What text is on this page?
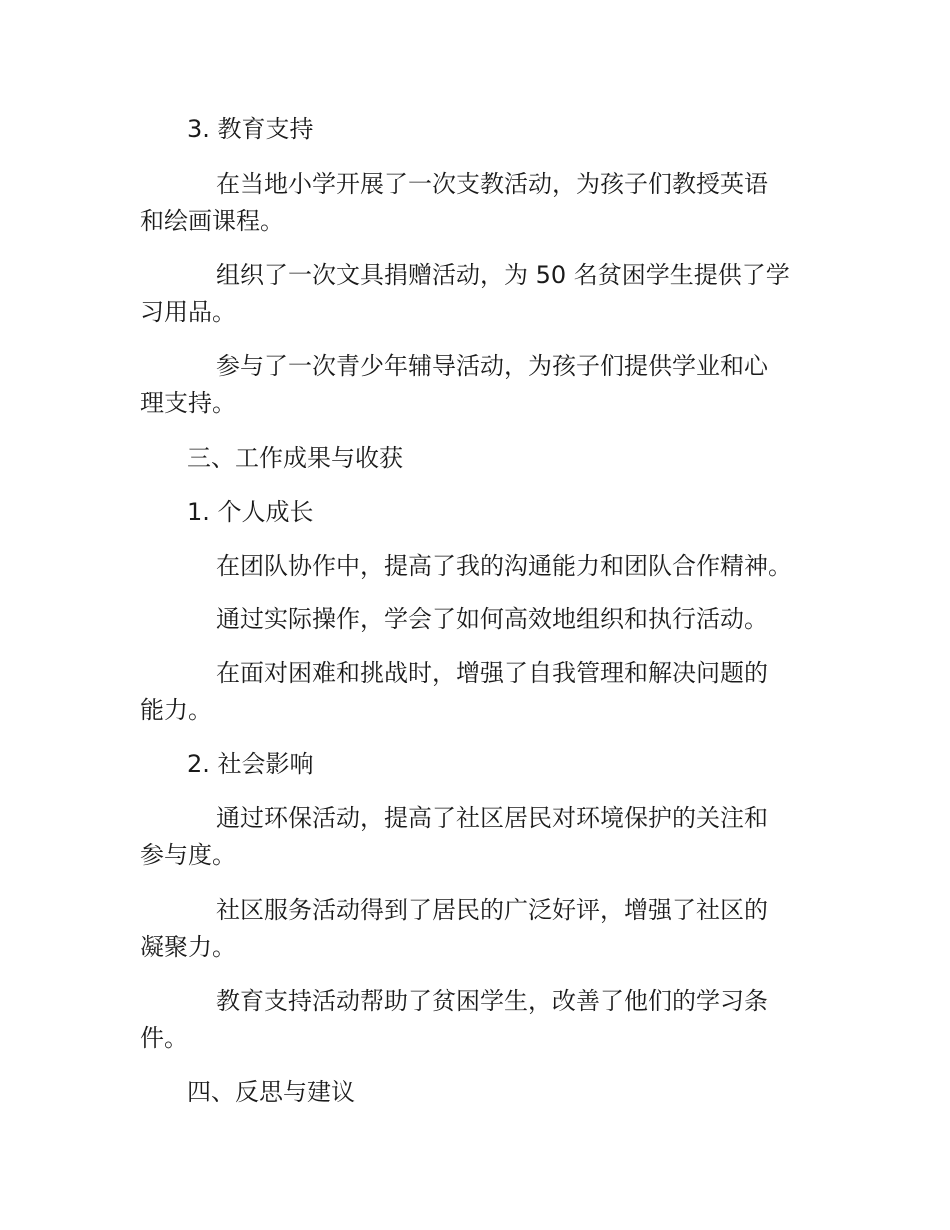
3. 教育支持
在当地小学开展了一次支教活动，为孩子们教授英语
和绘画课程。
组织了一次文具捐赠活动，为 50 名贫困学生提供了学
习用品。
参与了一次青少年辅导活动，为孩子们提供学业和心
理支持。
三、工作成果与收获
1. 个人成长
在团队协作中，提高了我的沟通能力和团队合作精神。
通过实际操作，学会了如何高效地组织和执行活动。
在面对困难和挑战时，增强了自我管理和解决问题的
能力。
2. 社会影响
通过环保活动，提高了社区居民对环境保护的关注和
参与度。
社区服务活动得到了居民的广泛好评，增强了社区的
凝聚力。
教育支持活动帮助了贫困学生，改善了他们的学习条
件。
四、反思与建议
